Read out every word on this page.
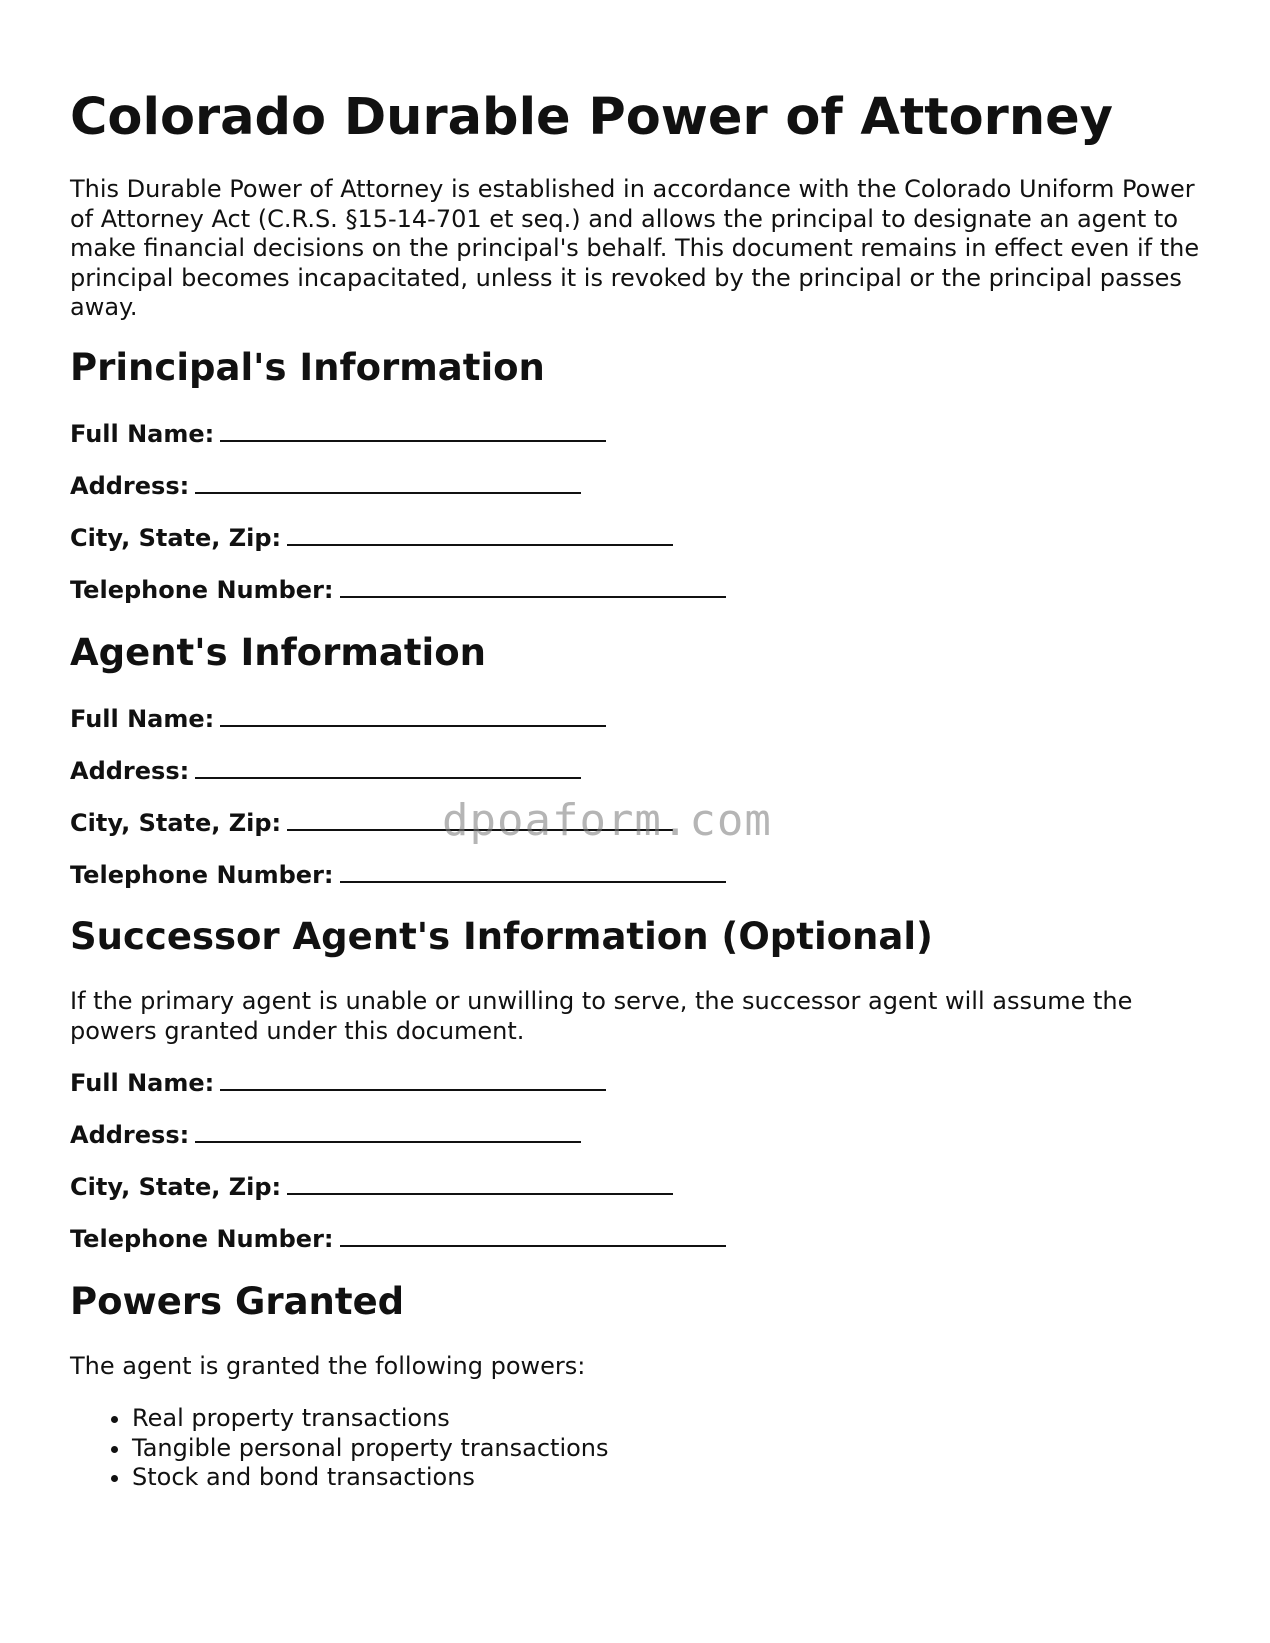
Colorado Durable Power of Attorney

This Durable Power of Attorney is established in accordance with the Colorado Uniform Power of Attorney Act (C.R.S. §15-14-701 et seq.) and allows the principal to designate an agent to make financial decisions on the principal's behalf. This document remains in effect even if the principal becomes incapacitated, unless it is revoked by the principal or the principal passes away.

Principal's Information
Full Name:
Address:
City, State, Zip:
Telephone Number:
Agent's Information
Full Name:
Address:
City, State, Zip:
Telephone Number:
Successor Agent's Information (Optional)

If the primary agent is unable or unwilling to serve, the successor agent will assume the powers granted under this document.

Full Name:
Address:
City, State, Zip:
Telephone Number:
Powers Granted

The agent is granted the following powers:

• Real property transactions
• Tangible personal property transactions
• Stock and bond transactions
dpoaform.com
